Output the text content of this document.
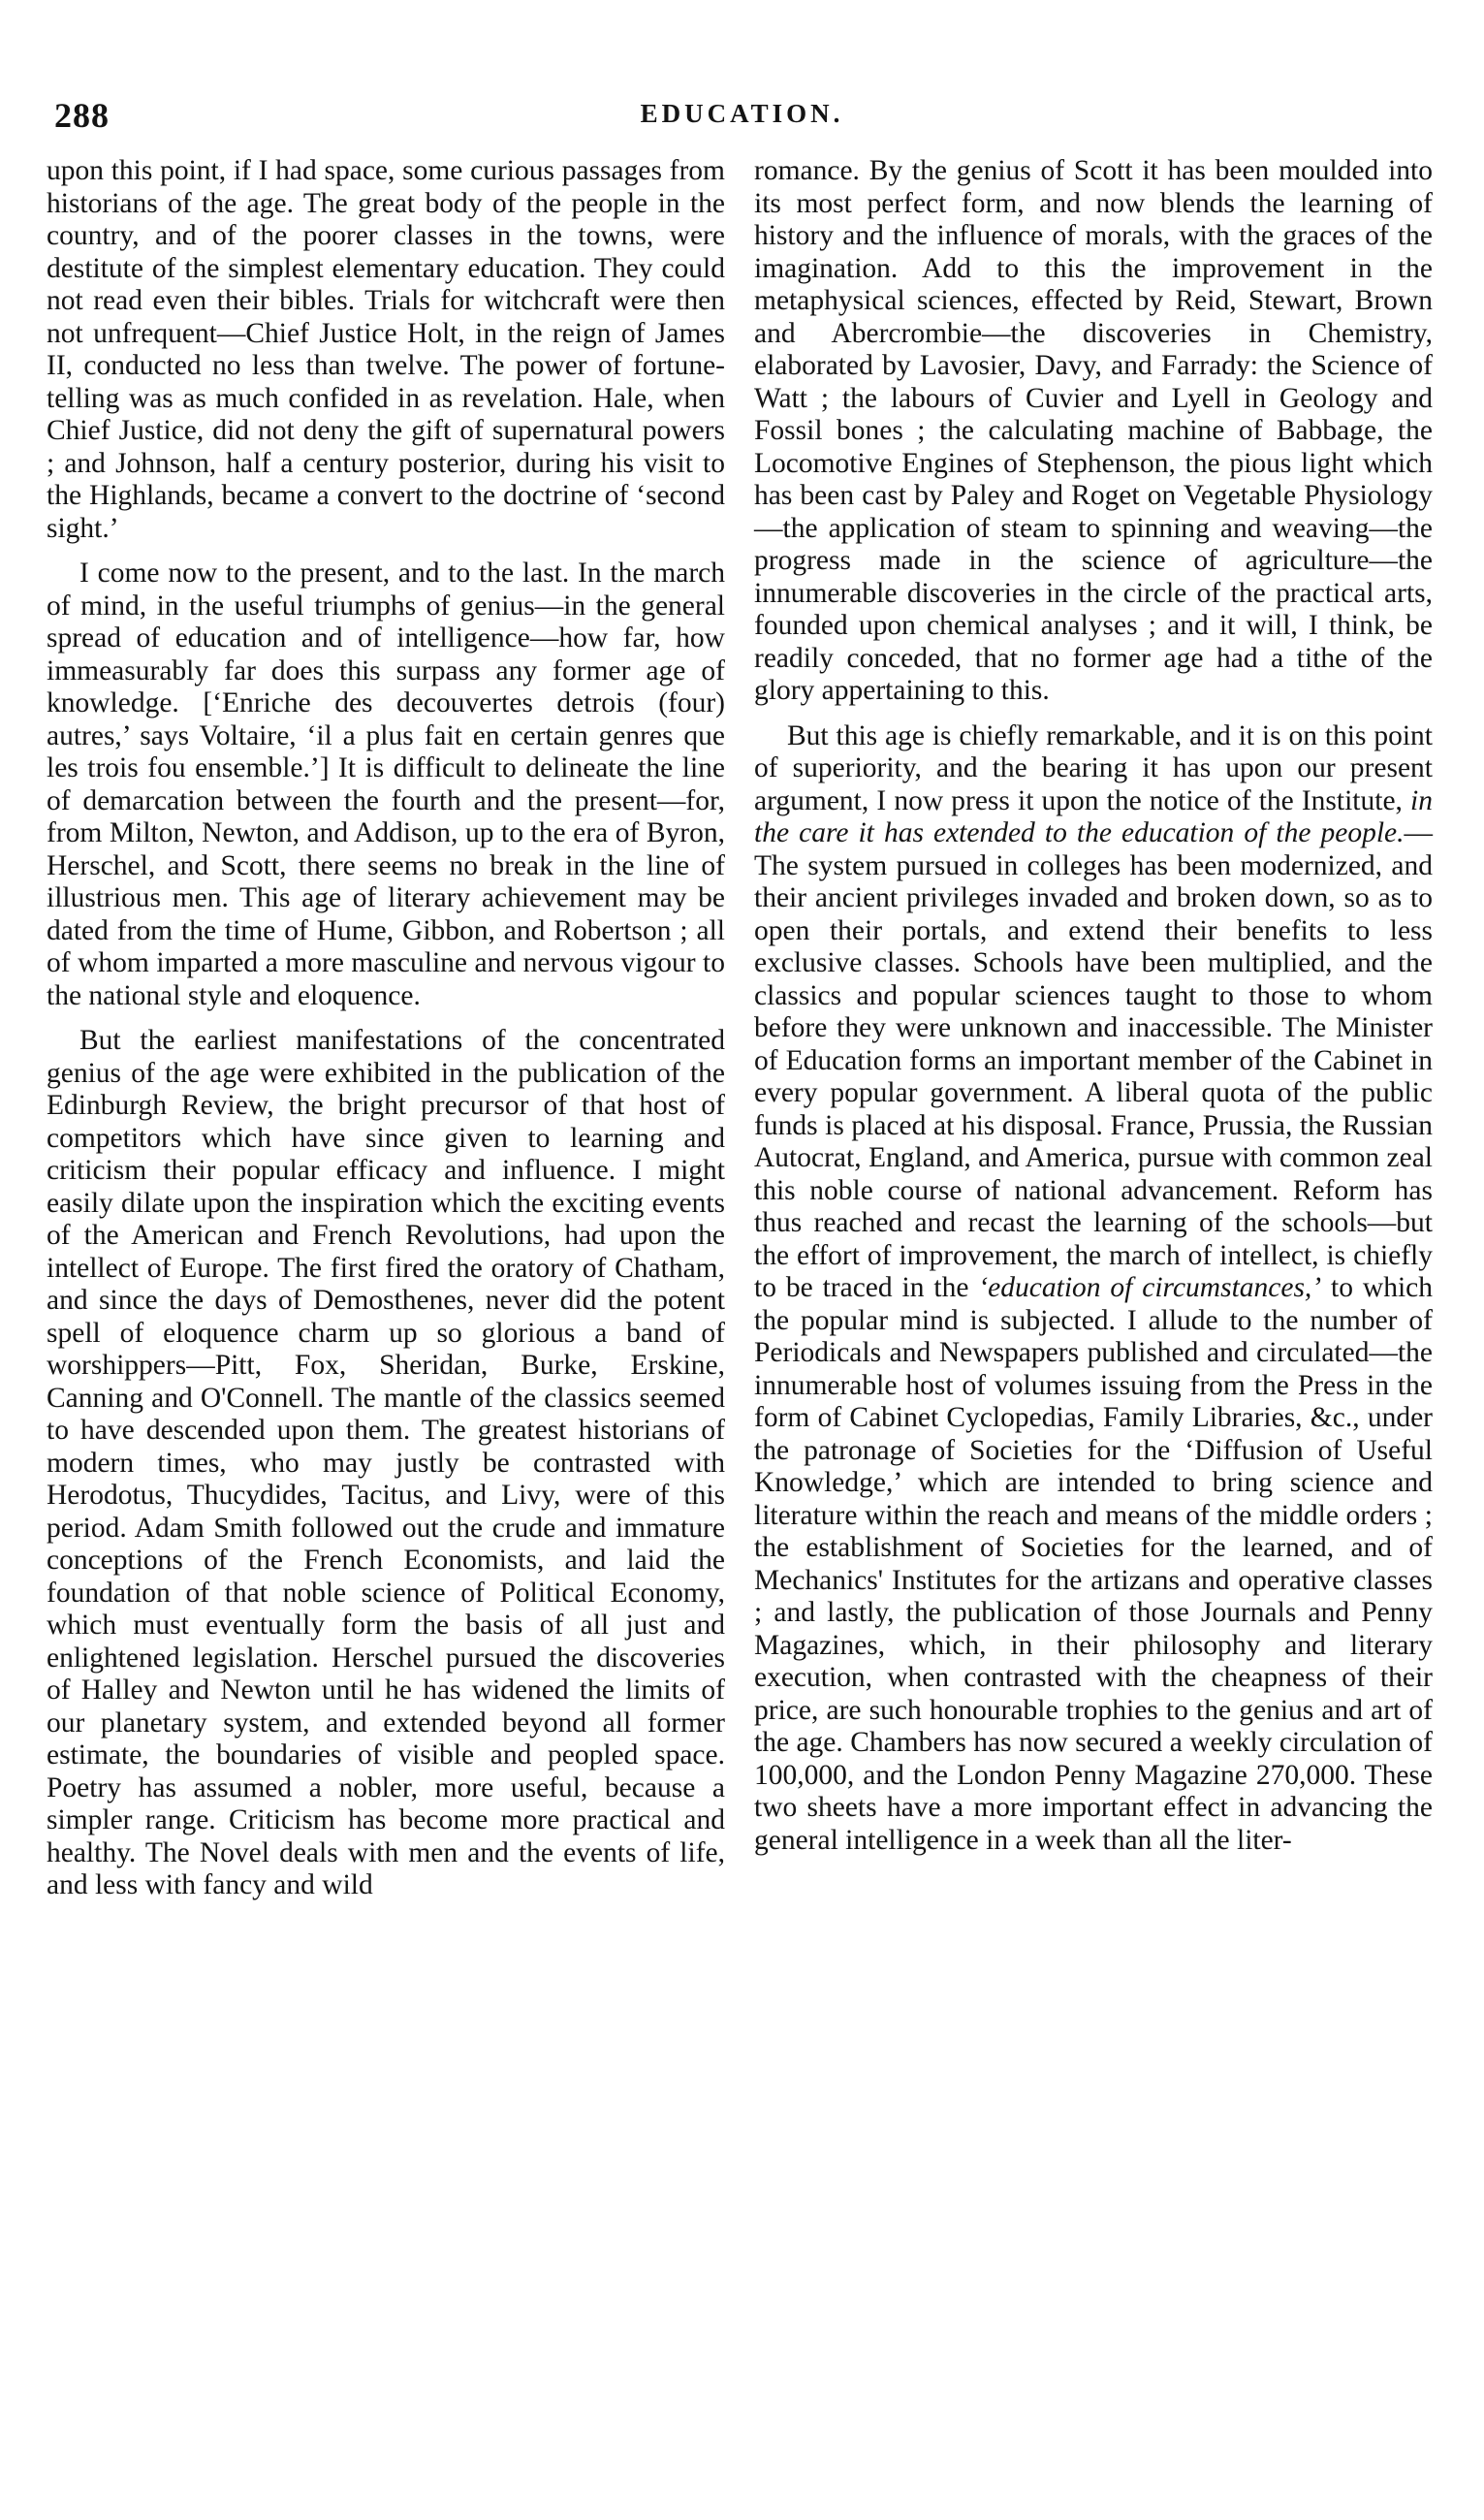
288	EDUCATION.

upon this point, if I had space, some curious passages from historians of the age. The great body of the people in the country, and of the poorer classes in the towns, were destitute of the simplest elementary education. They could not read even their bibles. Trials for witchcraft were then not unfrequent—Chief Justice Holt, in the reign of James II, conducted no less than twelve. The power of fortune-telling was as much confided in as revelation. Hale, when Chief Justice, did not deny the gift of supernatural powers ; and Johnson, half a century posterior, during his visit to the Highlands, became a convert to the doctrine of ‘second sight.’

I come now to the present, and to the last. In the march of mind, in the useful triumphs of genius—in the general spread of education and of intelligence—how far, how immeasurably far does this surpass any former age of knowledge. [‘Enriche des decouvertes detrois (four) autres,’ says Voltaire, ‘il a plus fait en certain genres que les trois fou ensemble.’] It is difficult to delineate the line of demarcation between the fourth and the present—for, from Milton, Newton, and Addison, up to the era of Byron, Herschel, and Scott, there seems no break in the line of illustrious men. This age of literary achievement may be dated from the time of Hume, Gibbon, and Robertson ; all of whom imparted a more masculine and nervous vigour to the national style and eloquence.

But the earliest manifestations of the concentrated genius of the age were exhibited in the publication of the Edinburgh Review, the bright precursor of that host of competitors which have since given to learning and criticism their popular efficacy and influence. I might easily dilate upon the inspiration which the exciting events of the American and French Revolutions, had upon the intellect of Europe. The first fired the oratory of Chatham, and since the days of Demosthenes, never did the potent spell of eloquence charm up so glorious a band of worshippers—Pitt, Fox, Sheridan, Burke, Erskine, Canning and O'Connell. The mantle of the classics seemed to have descended upon them. The greatest historians of modern times, who may justly be contrasted with Herodotus, Thucydides, Tacitus, and Livy, were of this period. Adam Smith followed out the crude and immature conceptions of the French Economists, and laid the foundation of that noble science of Political Economy, which must eventually form the basis of all just and enlightened legislation. Herschel pursued the discoveries of Halley and Newton until he has widened the limits of our planetary system, and extended beyond all former estimate, the boundaries of visible and peopled space. Poetry has assumed a nobler, more useful, because a simpler range. Criticism has become more practical and healthy. The Novel deals with men and the events of life, and less with fancy and wild

romance. By the genius of Scott it has been moulded into its most perfect form, and now blends the learning of history and the influence of morals, with the graces of the imagination. Add to this the improvement in the metaphysical sciences, effected by Reid, Stewart, Brown and Abercrombie—the discoveries in Chemistry, elaborated by Lavosier, Davy, and Farrady: the Science of Watt ; the labours of Cuvier and Lyell in Geology and Fossil bones ; the calculating machine of Babbage, the Locomotive Engines of Stephenson, the pious light which has been cast by Paley and Roget on Vegetable Physiology—the application of steam to spinning and weaving—the progress made in the science of agriculture—the innumerable discoveries in the circle of the practical arts, founded upon chemical analyses ; and it will, I think, be readily conceded, that no former age had a tithe of the glory appertaining to this.

But this age is chiefly remarkable, and it is on this point of superiority, and the bearing it has upon our present argument, I now press it upon the notice of the Institute, in the care it has extended to the education of the people.—The system pursued in colleges has been modernized, and their ancient privileges invaded and broken down, so as to open their portals, and extend their benefits to less exclusive classes. Schools have been multiplied, and the classics and popular sciences taught to those to whom before they were unknown and inaccessible. The Minister of Education forms an important member of the Cabinet in every popular government. A liberal quota of the public funds is placed at his disposal. France, Prussia, the Russian Autocrat, England, and America, pursue with common zeal this noble course of national advancement. Reform has thus reached and recast the learning of the schools—but the effort of improvement, the march of intellect, is chiefly to be traced in the ‘education of circumstances,’ to which the popular mind is subjected. I allude to the number of Periodicals and Newspapers published and circulated—the innumerable host of volumes issuing from the Press in the form of Cabinet Cyclopedias, Family Libraries, &c., under the patronage of Societies for the ‘Diffusion of Useful Knowledge,’ which are intended to bring science and literature within the reach and means of the middle orders ; the establishment of Societies for the learned, and of Mechanics' Institutes for the artizans and operative classes ; and lastly, the publication of those Journals and Penny Magazines, which, in their philosophy and literary execution, when contrasted with the cheapness of their price, are such honourable trophies to the genius and art of the age. Chambers has now secured a weekly circulation of 100,000, and the London Penny Magazine 270,000. These two sheets have a more important effect in advancing the general intelligence in a week than all the liter-
